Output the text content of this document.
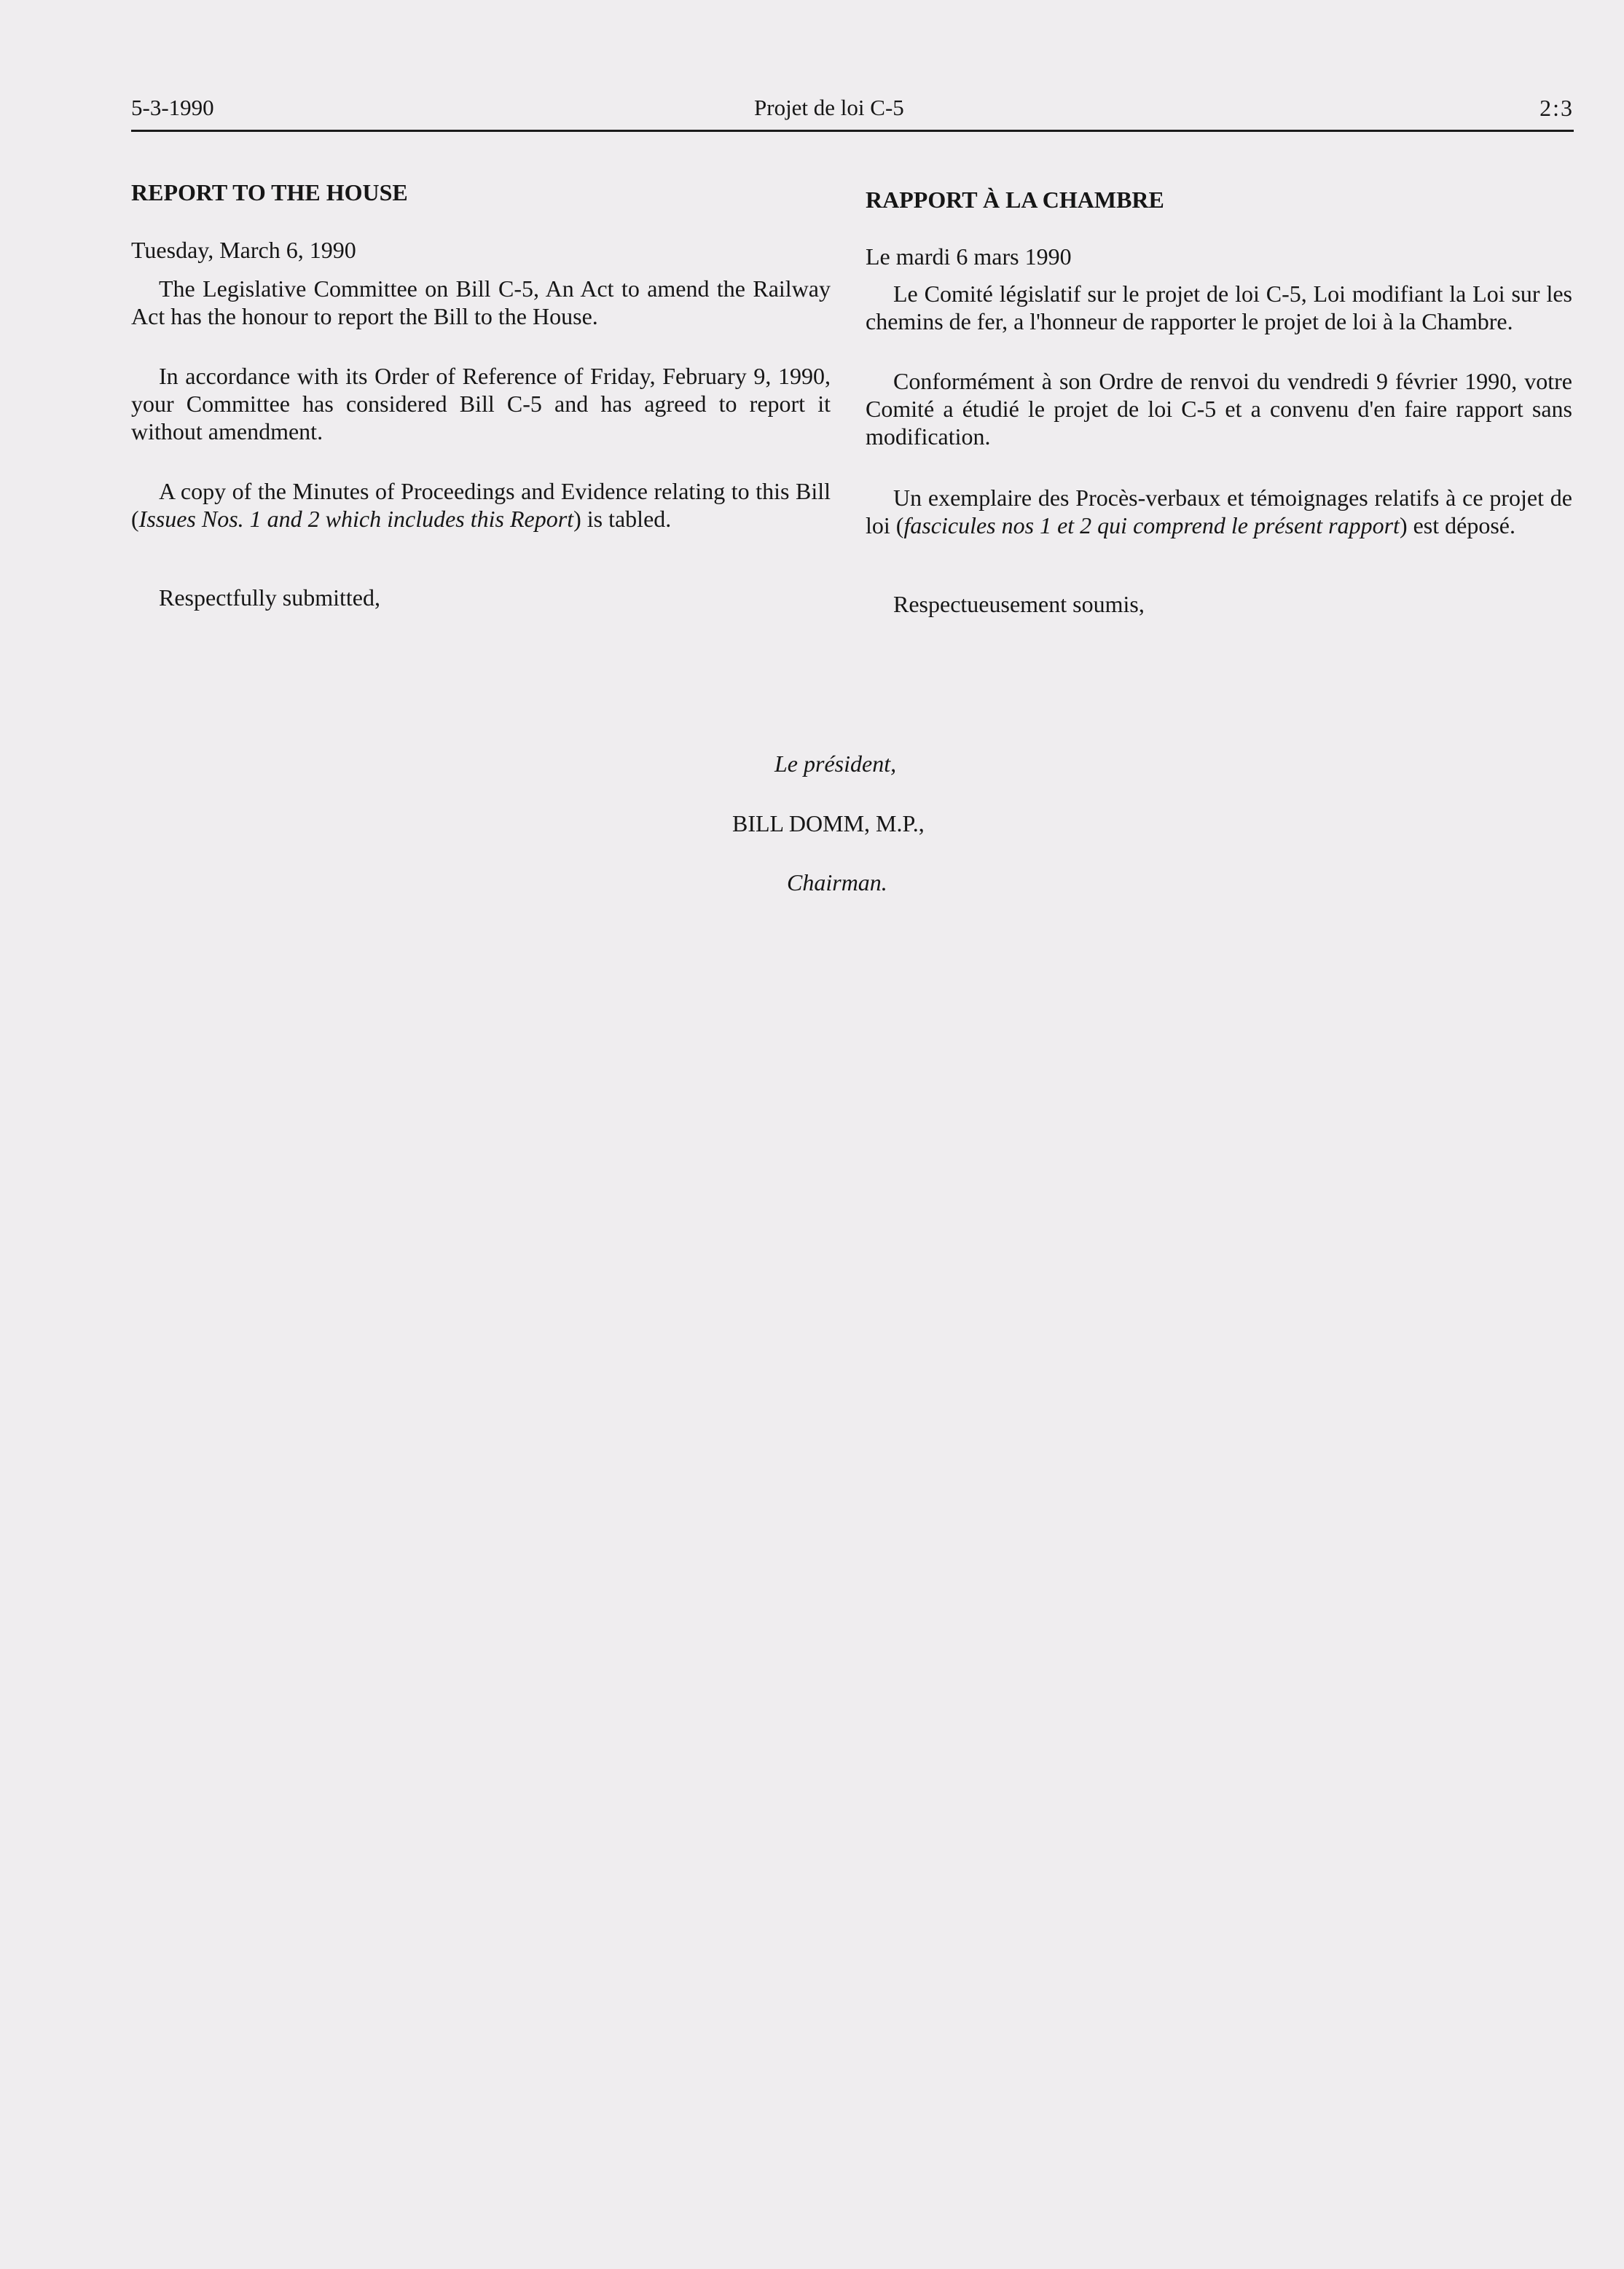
5-3-1990	Projet de loi C-5	2:3
REPORT TO THE HOUSE

Tuesday, March 6, 1990

The Legislative Committee on Bill C-5, An Act to amend the Railway Act has the honour to report the Bill to the House.

In accordance with its Order of Reference of Friday, February 9, 1990, your Committee has considered Bill C-5 and has agreed to report it without amendment.

A copy of the Minutes of Proceedings and Evidence relating to this Bill (Issues Nos. 1 and 2 which includes this Report) is tabled.

Respectfully submitted,

RAPPORT À LA CHAMBRE

Le mardi 6 mars 1990

Le Comité législatif sur le projet de loi C-5, Loi modifiant la Loi sur les chemins de fer, a l'honneur de rapporter le projet de loi à la Chambre.

Conformément à son Ordre de renvoi du vendredi 9 février 1990, votre Comité a étudié le projet de loi C-5 et a convenu d'en faire rapport sans modification.

Un exemplaire des Procès-verbaux et témoignages relatifs à ce projet de loi (fascicules nos 1 et 2 qui comprend le présent rapport) est déposé.

Respectueusement soumis,

Le président,
BILL DOMM, M.P.,
Chairman.
